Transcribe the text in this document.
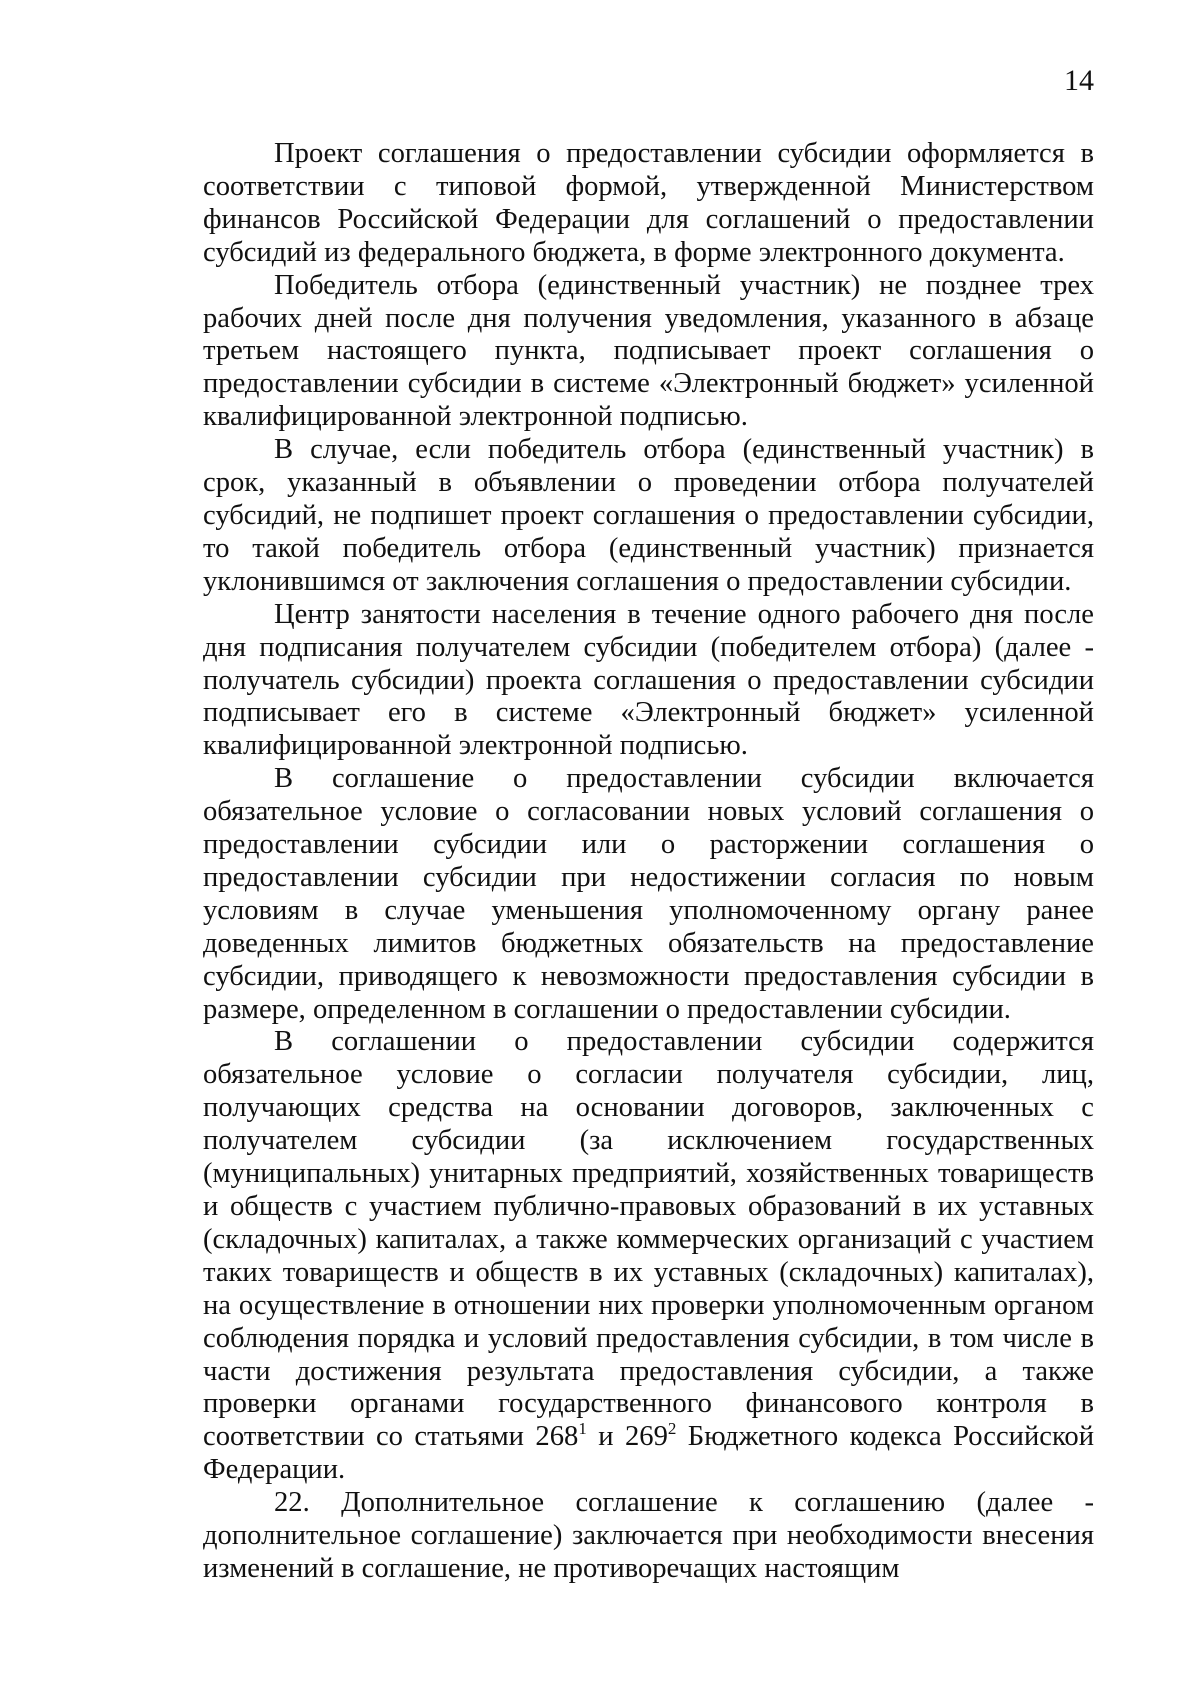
14

Проект соглашения о предоставлении субсидии оформляется в соответствии с типовой формой, утвержденной Министерством финансов Российской Федерации для соглашений о предоставлении субсидий из федерального бюджета, в форме электронного документа.

Победитель отбора (единственный участник) не позднее трех рабочих дней после дня получения уведомления, указанного в абзаце третьем настоящего пункта, подписывает проект соглашения о предоставлении субсидии в системе «Электронный бюджет» усиленной квалифицированной электронной подписью.

В случае, если победитель отбора (единственный участник) в срок, указанный в объявлении о проведении отбора получателей субсидий, не подпишет проект соглашения о предоставлении субсидии, то такой победитель отбора (единственный участник) признается уклонившимся от заключения соглашения о предоставлении субсидии.

Центр занятости населения в течение одного рабочего дня после дня подписания получателем субсидии (победителем отбора) (далее - получатель субсидии) проекта соглашения о предоставлении субсидии подписывает его в системе «Электронный бюджет» усиленной квалифицированной электронной подписью.

В соглашение о предоставлении субсидии включается обязательное условие о согласовании новых условий соглашения о предоставлении субсидии или о расторжении соглашения о предоставлении субсидии при недостижении согласия по новым условиям в случае уменьшения уполномоченному органу ранее доведенных лимитов бюджетных обязательств на предоставление субсидии, приводящего к невозможности предоставления субсидии в размере, определенном в соглашении о предоставлении субсидии.

В соглашении о предоставлении субсидии содержится обязательное условие о согласии получателя субсидии, лиц, получающих средства на основании договоров, заключенных с получателем субсидии (за исключением государственных (муниципальных) унитарных предприятий, хозяйственных товариществ и обществ с участием публично-правовых образований в их уставных (складочных) капиталах, а также коммерческих организаций с участием таких товариществ и обществ в их уставных (складочных) капиталах), на осуществление в отношении них проверки уполномоченным органом соблюдения порядка и условий предоставления субсидии, в том числе в части достижения результата предоставления субсидии, а также проверки органами государственного финансового контроля в соответствии со статьями $268^1$ и $269^2$ Бюджетного кодекса Российской Федерации.

22. Дополнительное соглашение к соглашению (далее - дополнительное соглашение) заключается при необходимости внесения изменений в соглашение, не противоречащих настоящим
